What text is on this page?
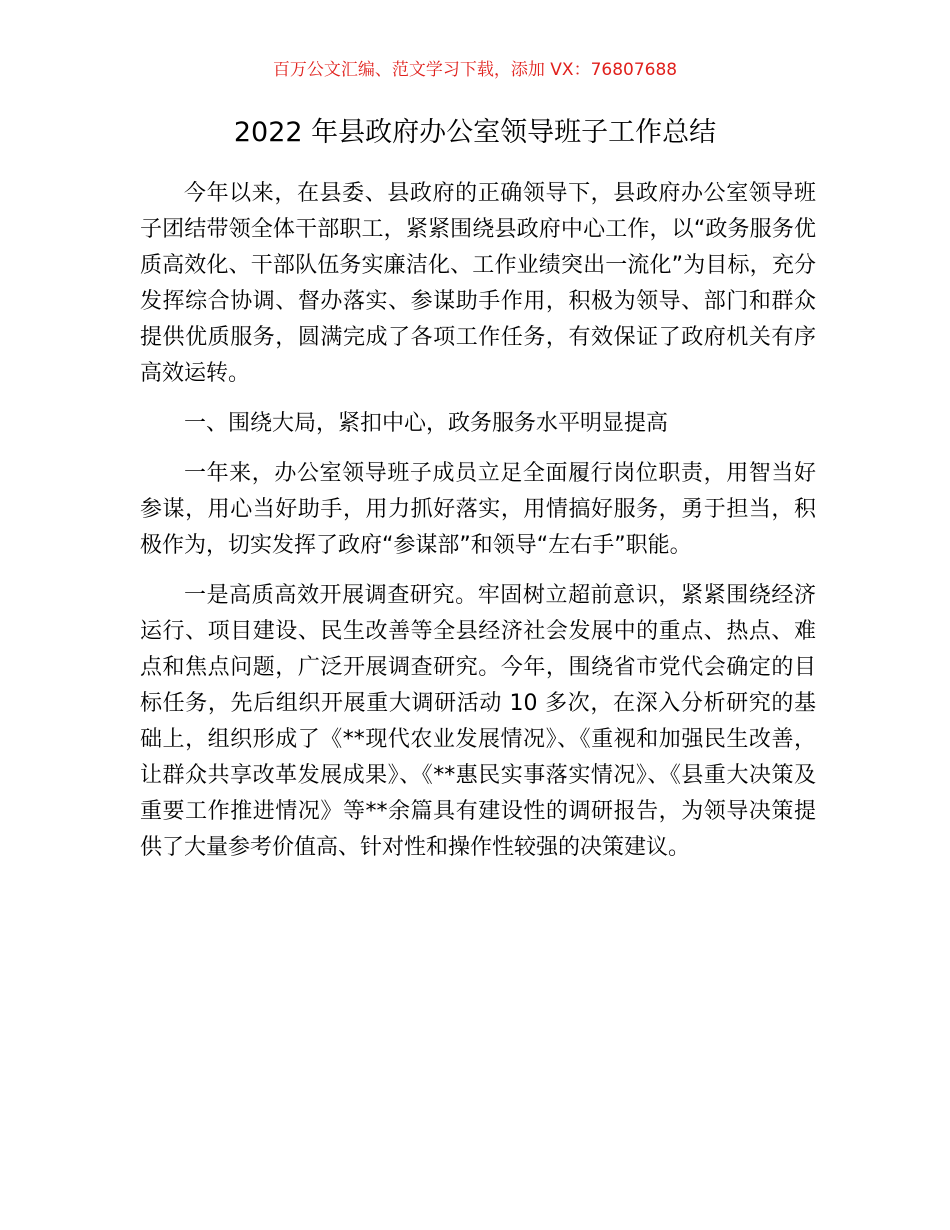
百万公文汇编、范文学习下载，添加 VX：76807688
2022 年县政府办公室领导班子工作总结

今年以来，在县委、县政府的正确领导下，县政府办公室领导班子团结带领全体干部职工，紧紧围绕县政府中心工作，以“政务服务优质高效化、干部队伍务实廉洁化、工作业绩突出一流化”为目标，充分发挥综合协调、督办落实、参谋助手作用，积极为领导、部门和群众提供优质服务，圆满完成了各项工作任务，有效保证了政府机关有序高效运转。

一、围绕大局，紧扣中心，政务服务水平明显提高

一年来，办公室领导班子成员立足全面履行岗位职责，用智当好参谋，用心当好助手，用力抓好落实，用情搞好服务，勇于担当，积极作为，切实发挥了政府“参谋部”和领导“左右手”职能。

一是高质高效开展调查研究。牢固树立超前意识，紧紧围绕经济运行、项目建设、民生改善等全县经济社会发展中的重点、热点、难点和焦点问题，广泛开展调查研究。今年，围绕省市党代会确定的目标任务，先后组织开展重大调研活动 10 多次，在深入分析研究的基础上，组织形成了《**现代农业发展情况》、《重视和加强民生改善，让群众共享改革发展成果》、《**惠民实事落实情况》、《县重大决策及重要工作推进情况》等**余篇具有建设性的调研报告，为领导决策提供了大量参考价值高、针对性和操作性较强的决策建议。
